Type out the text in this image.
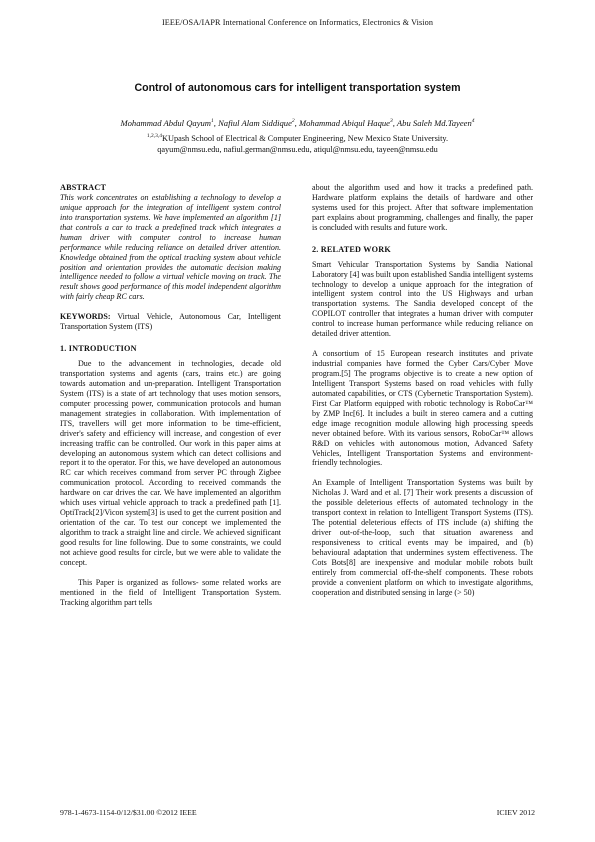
IEEE/OSA/IAPR International Conference on Informatics, Electronics & Vision
Control of autonomous cars for intelligent transportation system
Mohammad Abdul Qayum$^1$, Nafiul Alam Siddique$^2$, Mohammad Abiqul Haque$^3$, Abu Saleh Md.Tayeen$^4$
$^{1,2,3,4}$KUpash School of Electrical & Computer Engineering, New Mexico State University.
qayum@nmsu.edu, nafiul.german@nmsu.edu, atiqul@nmsu.edu, tayeen@nmsu.edu

ABSTRACT

This work concentrates on establishing a technology to develop a unique approach for the integration of intelligent system control into transportation systems. We have implemented an algorithm [1] that controls a car to track a predefined track which integrates a human driver with computer control to increase human performance while reducing reliance on detailed driver attention. Knowledge obtained from the optical tracking system about vehicle position and orientation provides the automatic decision making intelligence needed to follow a virtual vehicle moving on track. The result shows good performance of this model independent algorithm with fairly cheap RC cars.

KEYWORDS: Virtual Vehicle, Autonomous Car, Intelligent Transportation System (ITS)

1. INTRODUCTION

Due to the advancement in technologies, decade old transportation systems and agents (cars, trains etc.) are going towards automation and un-preparation. Intelligent Transportation System (ITS) is a state of art technology that uses motion sensors, computer processing power, communication protocols and human management strategies in collaboration. With implementation of ITS, travellers will get more information to be time-efficient, driver's safety and efficiency will increase, and congestion of ever increasing traffic can be controlled. Our work in this paper aims at developing an autonomous system which can detect collisions and report it to the operator. For this, we have developed an autonomous RC car which receives command from server PC through Zigbee communication protocol. According to received commands the hardware on car drives the car. We have implemented an algorithm which uses virtual vehicle approach to track a predefined path [1]. OptiTrack[2]/Vicon system[3] is used to get the current position and orientation of the car. To test our concept we implemented the algorithm to track a straight line and circle. We achieved significant good results for line following. Due to some constraints, we could not achieve good results for circle, but we were able to validate the concept.

This Paper is organized as follows- some related works are mentioned in the field of Intelligent Transportation System. Tracking algorithm part tells

about the algorithm used and how it tracks a predefined path. Hardware platform explains the details of hardware and other systems used for this project. After that software implementation part explains about programming, challenges and finally, the paper is concluded with results and future work.

2. RELATED WORK

Smart Vehicular Transportation Systems by Sandia National Laboratory [4] was built upon established Sandia intelligent systems technology to develop a unique approach for the integration of intelligent system control into the US Highways and urban transportation systems. The Sandia developed concept of the COPILOT controller that integrates a human driver with computer control to increase human performance while reducing reliance on detailed driver attention.

A consortium of 15 European research institutes and private industrial companies have formed the Cyber Cars/Cyber Move program.[5] The programs objective is to create a new option of Intelligent Transport Systems based on road vehicles with fully automated capabilities, or CTS (Cybernetic Transportation System). First Car Platform equipped with robotic technology is RoboCar™ by ZMP Inc[6]. It includes a built in stereo camera and a cutting edge image recognition module allowing high processing speeds never obtained before. With its various sensors, RoboCar™ allows R&D on vehicles with autonomous motion, Advanced Safety Vehicles, Intelligent Transportation Systems and environment-friendly technologies.

An Example of Intelligent Transportation Systems was built by Nicholas J. Ward and et al. [7] Their work presents a discussion of the possible deleterious effects of automated technology in the transport context in relation to Intelligent Transport Systems (ITS). The potential deleterious effects of ITS include (a) shifting the driver out-of-the-loop, such that situation awareness and responsiveness to critical events may be impaired, and (b) behavioural adaptation that undermines system effectiveness. The Cots Bots[8] are inexpensive and modular mobile robots built entirely from commercial off-the-shelf components. These robots provide a convenient platform on which to investigate algorithms, cooperation and distributed sensing in large (> 50)

978-1-4673-1154-0/12/$31.00 ©2012 IEEE	ICIEV 2012
